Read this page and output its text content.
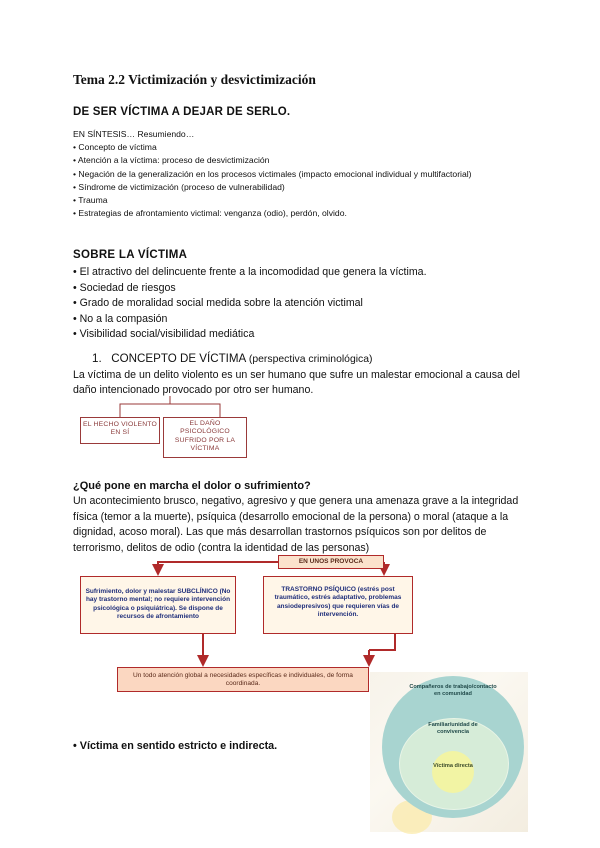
Tema 2.2 Victimización y desvictimización
DE SER VÍCTIMA A DEJAR DE SERLO.
EN SÍNTESIS… Resumiendo…
• Concepto de víctima
• Atención a la víctima: proceso de desvictimización
• Negación de la generalización en los procesos victimales (impacto emocional individual y multifactorial)
• Síndrome de victimización (proceso de vulnerabilidad)
• Trauma
• Estrategias de afrontamiento victimal: venganza (odio), perdón, olvido.
SOBRE LA VÍCTIMA
• El atractivo del delincuente frente a la incomodidad que genera la víctima.
• Sociedad de riesgos
• Grado de moralidad social medida sobre la atención victimal
• No a la compasión
• Visibilidad social/visibilidad mediática
1. CONCEPTO DE VÍCTIMA (perspectiva criminológica)
La víctima de un delito violento es un ser humano que sufre un malestar emocional a causa del daño intencionado provocado por otro ser humano.
EL HECHO VIOLENTO EN SÍ
EL DAÑO PSICOLÓGICO SUFRIDO POR LA VÍCTIMA
¿Qué pone en marcha el dolor o sufrimiento?
Un acontecimiento brusco, negativo, agresivo y que genera una amenaza grave a la integridad física (temor a la muerte), psíquica (desarrollo emocional de la persona) o moral (ataque a la dignidad, acoso moral). Las que más desarrollan trastornos psíquicos son por delitos de terrorismo, delitos de odio (contra la identidad de las personas)
EN UNOS PROVOCA
Sufrimiento, dolor y malestar SUBCLÍNICO (No hay trastorno mental; no requiere intervención psicológica o psiquiátrica). Se dispone de recursos de afrontamiento
TRASTORNO PSÍQUICO (estrés post traumático, estrés adaptativo, problemas ansiodepresivos) que requieren vías de intervención.
Un todo atención global a necesidades específicas e individuales, de forma coordinada.	Compañeros de trabajo/contacto en comunidad
Familiar/unidad de convivencia
Víctima directa
• Víctima en sentido estricto e indirecta.
